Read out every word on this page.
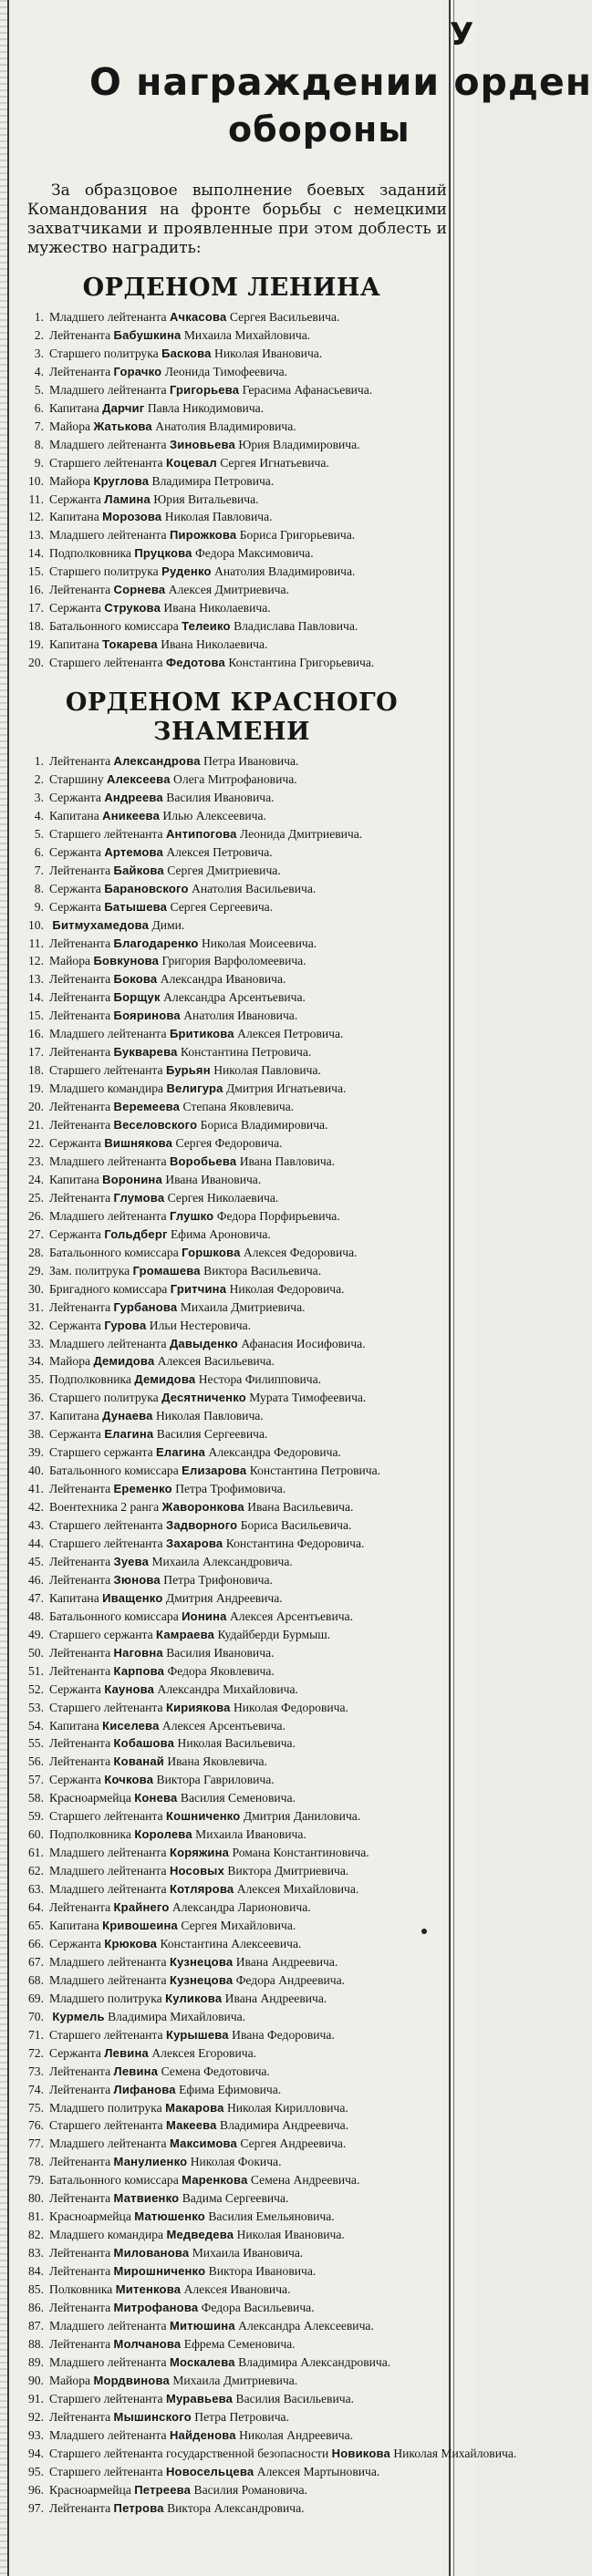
У
О награждении орден
обороны

За образцовое выполнение боевых заданий Командования на фронте борьбы с немецкими захватчиками и проявленные при этом доблесть и мужество наградить:

ОРДЕНОМ ЛЕНИНА
1. Младшего лейтенанта Ачкасова Сергея Васильевича.
2. Лейтенанта Бабушкина Михаила Михайловича.
3. Старшего политрука Баскова Николая Ивановича.
4. Лейтенанта Горачко Леонида Тимофеевича.
5. Младшего лейтенанта Григорьева Герасима Афанасьевича.
6. Капитана Дарчиг Павла Никодимовича.
7. Майора Жатькова Анатолия Владимировича.
8. Младшего лейтенанта Зиновьева Юрия Владимировича.
9. Старшего лейтенанта Коцевал Сергея Игнатьевича.
10. Майора Круглова Владимира Петровича.
11. Сержанта Ламина Юрия Витальевича.
12. Капитана Морозова Николая Павловича.
13. Младшего лейтенанта Пирожкова Бориса Григорьевича.
14. Подполковника Пруцкова Федора Максимовича.
15. Старшего политрука Руденко Анатолия Владимировича.
16. Лейтенанта Сорнева Алексея Дмитриевича.
17. Сержанта Струкова Ивана Николаевича.
18. Батальонного комиссара Телеико Владислава Павловича.
19. Капитана Токарева Ивана Николаевича.
20. Старшего лейтенанта Федотова Константина Григорьевича.
ОРДЕНОМ КРАСНОГО ЗНАМЕНИ
1. Лейтенанта Александрова Петра Ивановича.
2. Старшину Алексеева Олега Митрофановича.
3. Сержанта Андреева Василия Ивановича.
4. Капитана Аникеева Илью Алексеевича.
5. Старшего лейтенанта Антипогова Леонида Дмитриевича.
6. Сержанта Артемова Алексея Петровича.
7. Лейтенанта Байкова Сергея Дмитриевича.
8. Сержанта Барановского Анатолия Васильевича.
9. Сержанта Батышева Сергея Сергеевича.
10. Битмухамедова Дими.
11. Лейтенанта Благодаренко Николая Моисеевича.
12. Майора Бовкунова Григория Варфоломеевича.
13. Лейтенанта Бокова Александра Ивановича.
14. Лейтенанта Борщук Александра Арсентьевича.
15. Лейтенанта Бояринова Анатолия Ивановича.
16. Младшего лейтенанта Бритикова Алексея Петровича.
17. Лейтенанта Букварева Константина Петровича.
18. Старшего лейтенанта Бурьян Николая Павловича.
19. Младшего командира Велигура Дмитрия Игнатьевича.
20. Лейтенанта Веремеева Степана Яковлевича.
21. Лейтенанта Веселовского Бориса Владимировича.
22. Сержанта Вишнякова Сергея Федоровича.
23. Младшего лейтенанта Воробьева Ивана Павловича.
24. Капитана Воронина Ивана Ивановича.
25. Лейтенанта Глумова Сергея Николаевича.
26. Младшего лейтенанта Глушко Федора Порфирьевича.
27. Сержанта Гольдберг Ефима Ароновича.
28. Батальонного комиссара Горшкова Алексея Федоровича.
29. Зам. политрука Громашева Виктора Васильевича.
30. Бригадного комиссара Гритчина Николая Федоровича.
31. Лейтенанта Гурбанова Михаила Дмитриевича.
32. Сержанта Гурова Ильи Нестеровича.
33. Младшего лейтенанта Давыденко Афанасия Иосифовича.
34. Майора Демидова Алексея Васильевича.
35. Подполковника Демидова Нестора Филипповича.
36. Старшего политрука Десятниченко Мурата Тимофеевича.
37. Капитана Дунаева Николая Павловича.
38. Сержанта Елагина Василия Сергеевича.
39. Старшего сержанта Елагина Александра Федоровича.
40. Батальонного комиссара Елизарова Константина Петровича.
41. Лейтенанта Еременко Петра Трофимовича.
42. Воентехника 2 ранга Жаворонкова Ивана Васильевича.
43. Старшего лейтенанта Задворного Бориса Васильевича.
44. Старшего лейтенанта Захарова Константина Федоровича.
45. Лейтенанта Зуева Михаила Александровича.
46. Лейтенанта Зюнова Петра Трифоновича.
47. Капитана Иващенко Дмитрия Андреевича.
48. Батальонного комиссара Ионина Алексея Арсентьевича.
49. Старшего сержанта Камраева Кудайберди Бурмыш.
50. Лейтенанта Наговна Василия Ивановича.
51. Лейтенанта Карпова Федора Яковлевича.
52. Сержанта Каунова Александра Михайловича.
53. Старшего лейтенанта Кириякова Николая Федоровича.
54. Капитана Киселева Алексея Арсентьевича.
55. Лейтенанта Кобашова Николая Васильевича.
56. Лейтенанта Кованай Ивана Яковлевича.
57. Сержанта Кочкова Виктора Гавриловича.
58. Красноармейца Конева Василия Семеновича.
59. Старшего лейтенанта Кошниченко Дмитрия Даниловича.
60. Подполковника Королева Михаила Ивановича.
61. Младшего лейтенанта Коряжина Романа Константиновича.
62. Младшего лейтенанта Носовых Виктора Дмитриевича.
63. Младшего лейтенанта Котлярова Алексея Михайловича.
64. Лейтенанта Крайнего Александра Ларионовича.
65. Капитана Кривошеина Сергея Михайловича.
66. Сержанта Крюкова Константина Алексеевича.
67. Младшего лейтенанта Кузнецова Ивана Андреевича.
68. Младшего лейтенанта Кузнецова Федора Андреевича.
69. Младшего политрука Куликова Ивана Андреевича.
70. Курмель Владимира Михайловича.
71. Старшего лейтенанта Курышева Ивана Федоровича.
72. Сержанта Левина Алексея Егоровича.
73. Лейтенанта Левина Семена Федотовича.
74. Лейтенанта Лифанова Ефима Ефимовича.
75. Младшего политрука Макарова Николая Кирилловича.
76. Старшего лейтенанта Макеева Владимира Андреевича.
77. Младшего лейтенанта Максимова Сергея Андреевича.
78. Лейтенанта Манулиенко Николая Фокича.
79. Батальонного комиссара Маренкова Семена Андреевича.
80. Лейтенанта Матвиенко Вадима Сергеевича.
81. Красноармейца Матюшенко Василия Емельяновича.
82. Младшего командира Медведева Николая Ивановича.
83. Лейтенанта Милованова Михаила Ивановича.
84. Лейтенанта Мирошниченко Виктора Ивановича.
85. Полковника Митенкова Алексея Ивановича.
86. Лейтенанта Митрофанова Федора Васильевича.
87. Младшего лейтенанта Митюшина Александра Алексеевича.
88. Лейтенанта Молчанова Ефрема Семеновича.
89. Младшего лейтенанта Москалева Владимира Александровича.
90. Майора Мордвинова Михаила Дмитриевича.
91. Старшего лейтенанта Муравьева Василия Васильевича.
92. Лейтенанта Мышинского Петра Петровича.
93. Младшего лейтенанта Найденова Николая Андреевича.
94. Старшего лейтенанта государственной безопасности Новикова Николая Михайловича.
95. Старшего лейтенанта Новосельцева Алексея Мартыновича.
96. Красноармейца Петреева Василия Романовича.
97. Лейтенанта Петрова Виктора Александровича.
